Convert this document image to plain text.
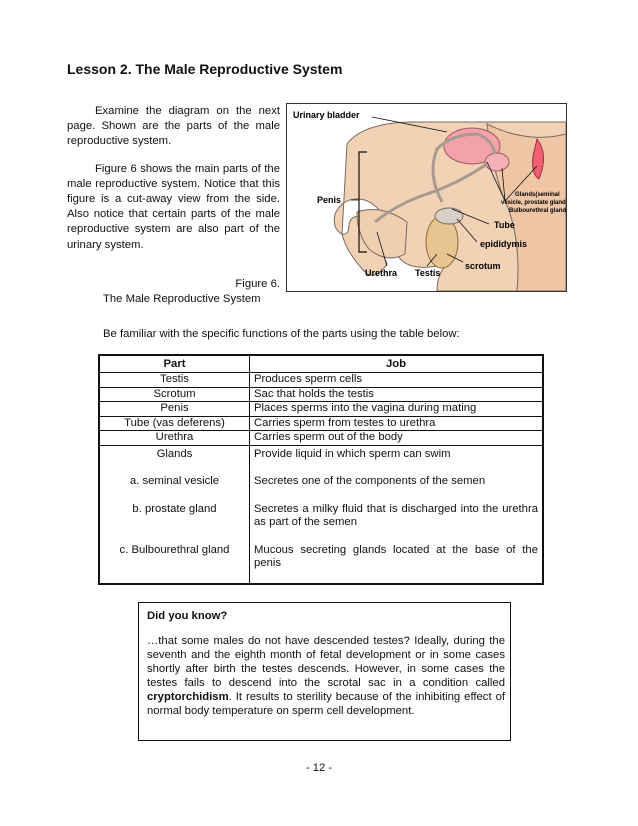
Lesson 2. The Male Reproductive System

Examine the diagram on the next page. Shown are the parts of the male reproductive system.

Figure 6 shows the main parts of the male reproductive system. Notice that this figure is a cut-away view from the side. Also notice that certain parts of the male reproductive system are also part of the urinary system.

Figure 6.
The Male Reproductive System
Urinary bladder
Penis	Glands(seminal vesicle, prostate gland, Bulbourethral gland)
Tube
epididymis
scrotum
Urethra Testis
Be familiar with the specific functions of the parts using the table below:
Part	Job
Testis	Produces sperm cells
Scrotum	Sac that holds the testis
Penis	Places sperms into the vagina during mating
Tube (vas deferens)	Carries sperm from testes to urethra
Urethra	Carries sperm out of the body
Glands	Provide liquid in which sperm can swim
a. seminal vesicle	Secretes one of the components of the semen
b. prostate gland	Secretes a milky fluid that is discharged into the urethra as part of the semen
c. Bulbourethral gland	Mucous secreting glands located at the base of the penis
Did you know?
…that some males do not have descended testes? Ideally, during the seventh and the eighth month of fetal development or in some cases shortly after birth the testes descends. However, in some cases the testes fails to descend into the scrotal sac in a condition called cryptorchidism. It results to sterility because of the inhibiting effect of normal body temperature on sperm cell development.
- 12 -
